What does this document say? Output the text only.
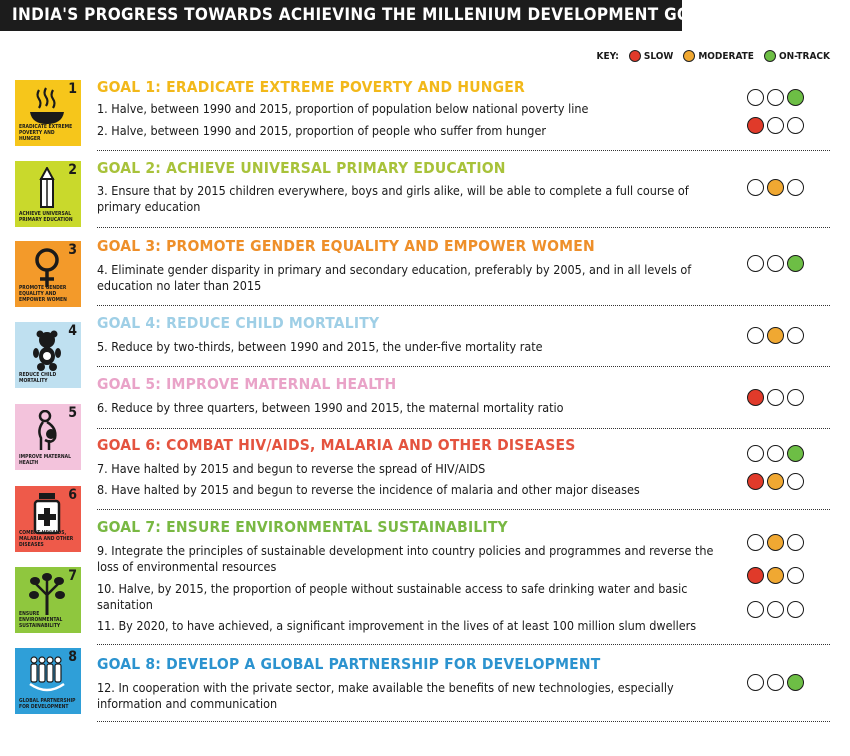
INDIA'S PROGRESS TOWARDS ACHIEVING THE MILLENIUM DEVELOPMENT GOALS
KEY:	SLOW	MODERATE	ON-TRACK
1
ERADICATE EXTREME POVERTY AND HUNGER
GOAL 1: ERADICATE EXTREME POVERTY AND HUNGER
1. Halve, between 1990 and 2015, proportion of population below national poverty line
2. Halve, between 1990 and 2015, proportion of people who suffer from hunger
2
ACHIEVE UNIVERSAL PRIMARY EDUCATION
GOAL 2: ACHIEVE UNIVERSAL PRIMARY EDUCATION
3. Ensure that by 2015 children everywhere, boys and girls alike, will be able to complete a full course of primary education
3
PROMOTE GENDER EQUALITY AND EMPOWER WOMEN
GOAL 3: PROMOTE GENDER EQUALITY AND EMPOWER WOMEN
4. Eliminate gender disparity in primary and secondary education, preferably by 2005, and in all levels of education no later than 2015
4
REDUCE CHILD MORTALITY
GOAL 4: REDUCE CHILD MORTALITY
5. Reduce by two-thirds, between 1990 and 2015, the under-five mortality rate
5
IMPROVE MATERNAL HEALTH
GOAL 5: IMPROVE MATERNAL HEALTH
6. Reduce by three quarters, between 1990 and 2015, the maternal mortality ratio
6
COMBAT HIV/AIDS, MALARIA AND OTHER DISEASES
GOAL 6: COMBAT HIV/AIDS, MALARIA AND OTHER DISEASES
7. Have halted by 2015 and begun to reverse the spread of HIV/AIDS
8. Have halted by 2015 and begun to reverse the incidence of malaria and other major diseases
7
ENSURE ENVIRONMENTAL SUSTAINABILITY
GOAL 7: ENSURE ENVIRONMENTAL SUSTAINABILITY
9. Integrate the principles of sustainable development into country policies and programmes and reverse the loss of environmental resources
10. Halve, by 2015, the proportion of people without sustainable access to safe drinking water and basic sanitation
11. By 2020, to have achieved, a significant improvement in the lives of at least 100 million slum dwellers
8
GLOBAL PARTNERSHIP FOR DEVELOPMENT
GOAL 8: DEVELOP A GLOBAL PARTNERSHIP FOR DEVELOPMENT
12. In cooperation with the private sector, make available the benefits of new technologies, especially information and communication
